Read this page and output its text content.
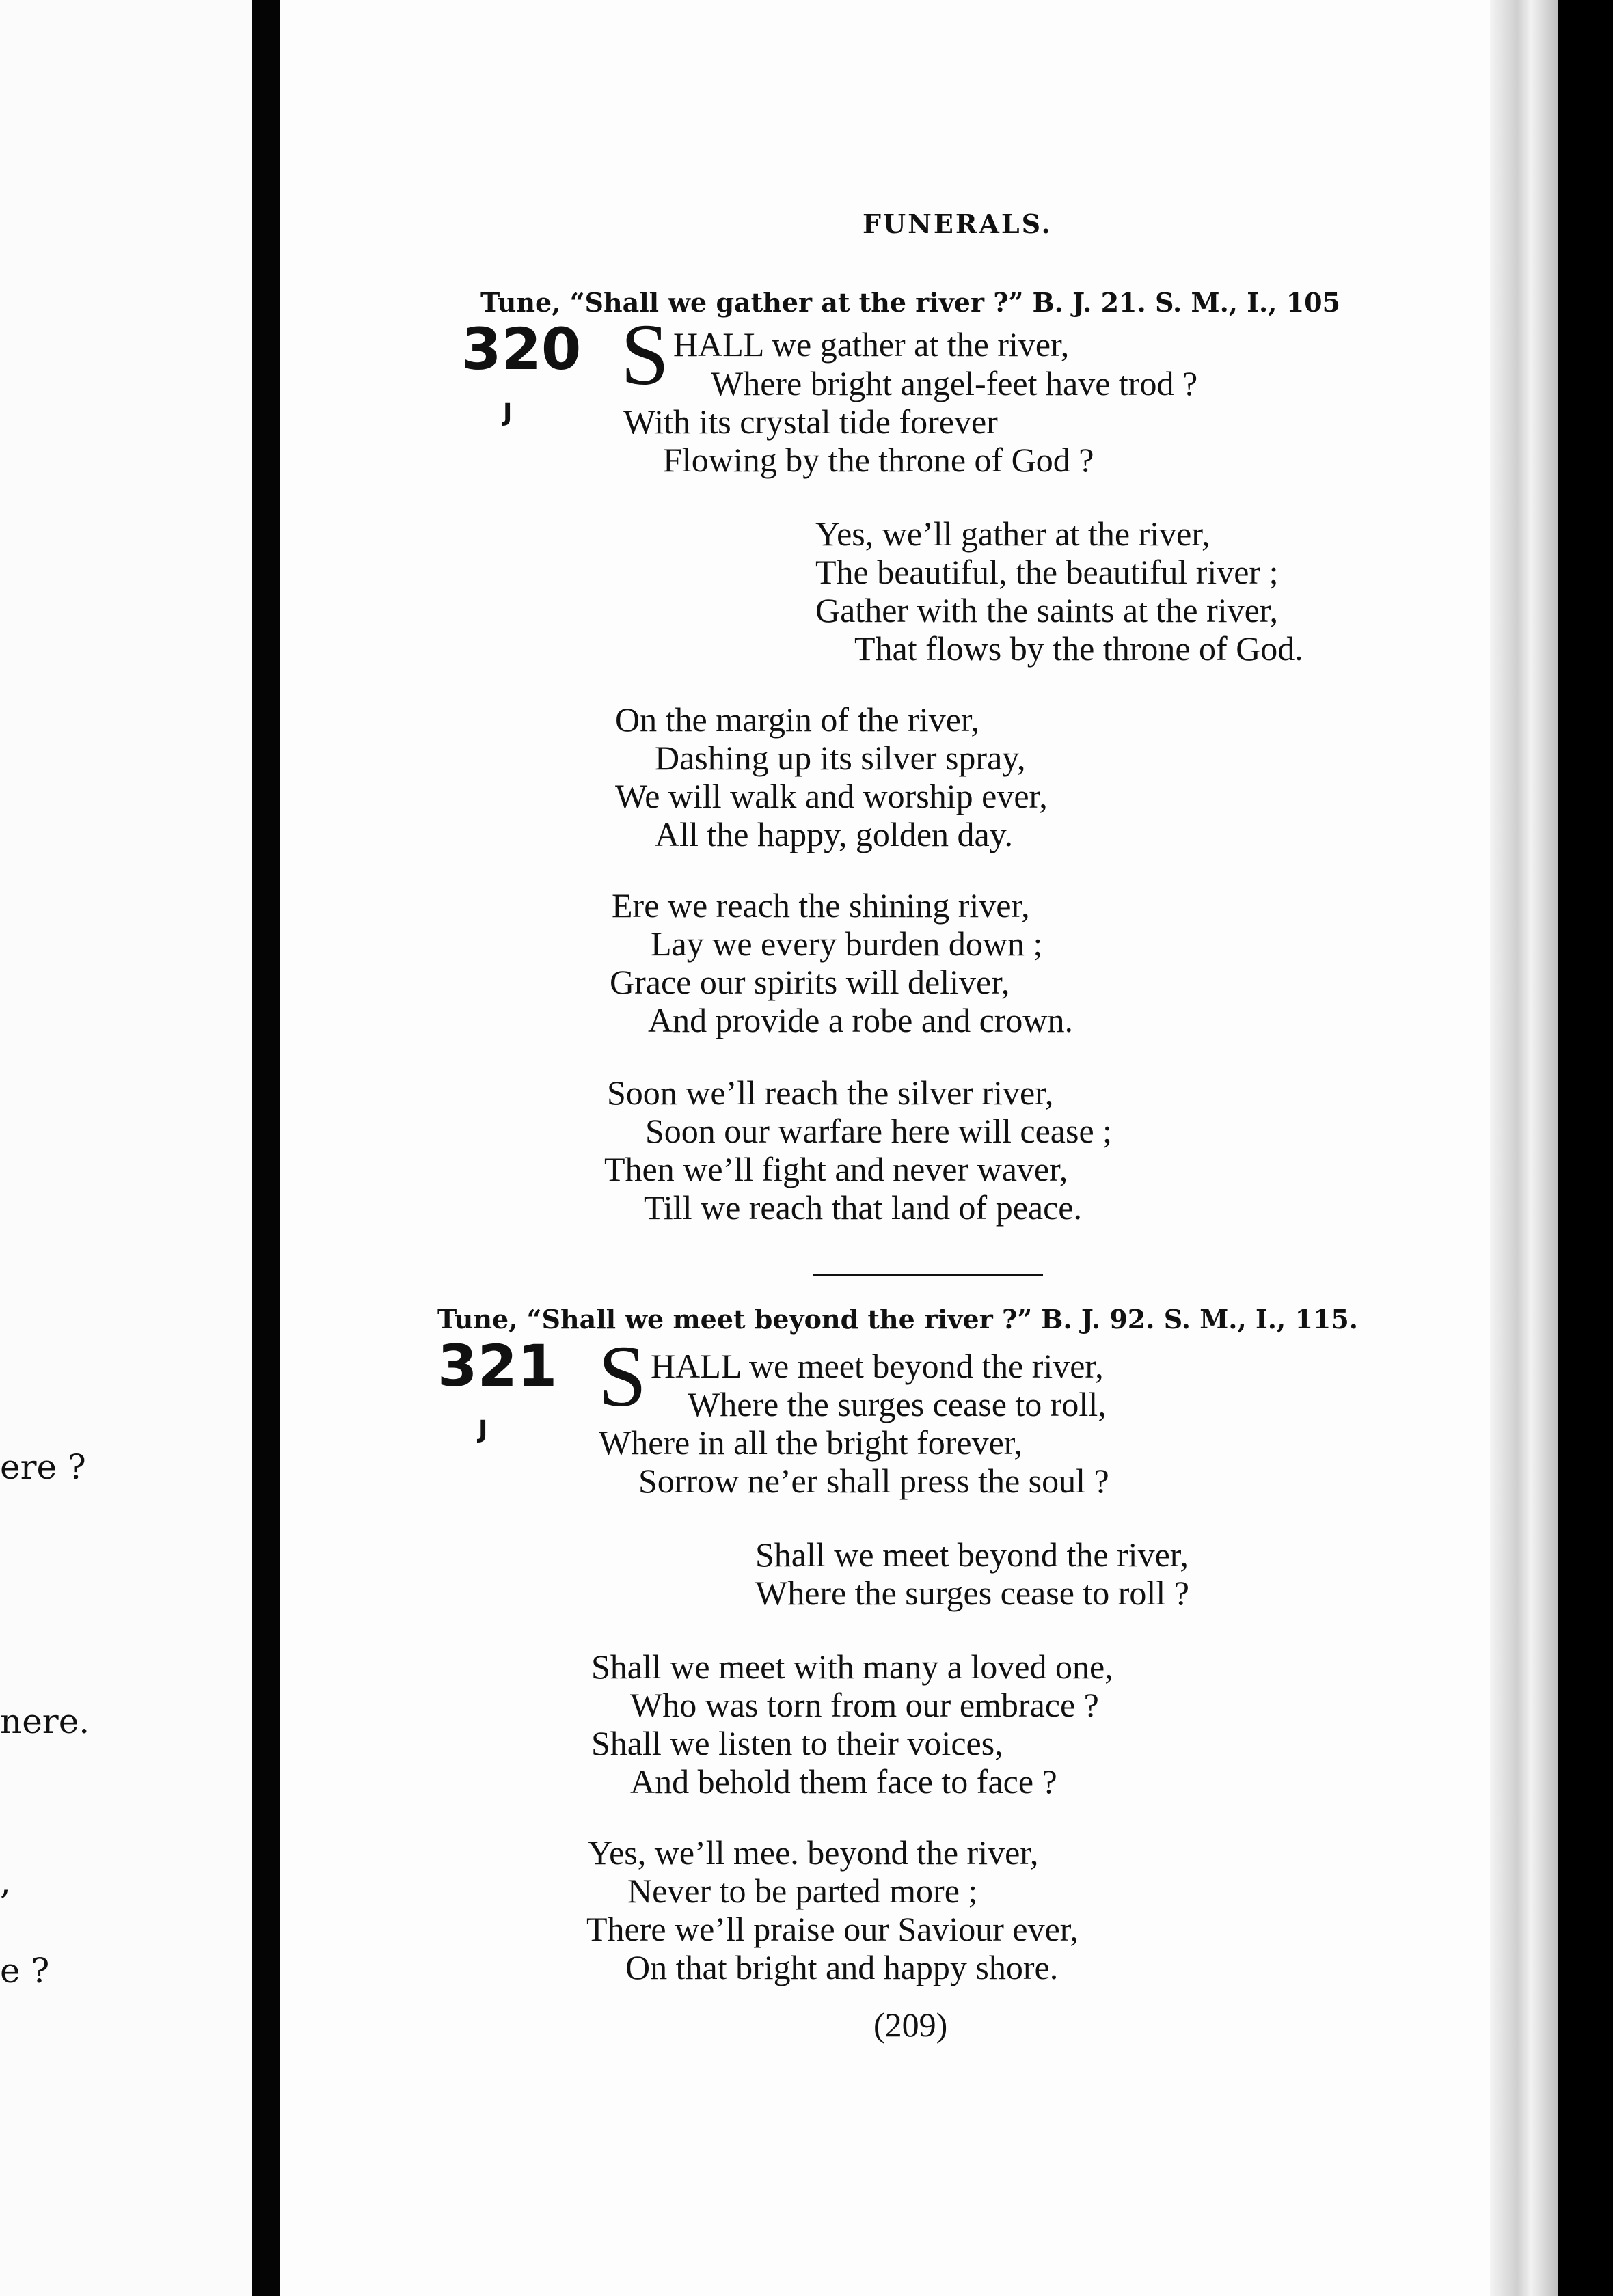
ere ?
nere.
,
e ?
FUNERALS.
Tune, “Shall we gather at the river ?” B. J. 21. S. M., I., 105
320
J
S HALL we gather at the river,
Where bright angel-feet have trod ?
With its crystal tide forever
Flowing by the throne of God ?
Yes, we’ll gather at the river,
The beautiful, the beautiful river ;
Gather with the saints at the river,
That flows by the throne of God.
On the margin of the river,
Dashing up its silver spray,
We will walk and worship ever,
All the happy, golden day.
Ere we reach the shining river,
Lay we every burden down ;
Grace our spirits will deliver,
And provide a robe and crown.
Soon we’ll reach the silver river,
Soon our warfare here will cease ;
Then we’ll fight and never waver,
Till we reach that land of peace.
Tune, “Shall we meet beyond the river ?” B. J. 92. S. M., I., 115.
321
J
S HALL we meet beyond the river,
Where the surges cease to roll,
Where in all the bright forever,
Sorrow ne’er shall press the soul ?
Shall we meet beyond the river,
Where the surges cease to roll ?
Shall we meet with many a loved one,
Who was torn from our embrace ?
Shall we listen to their voices,
And behold them face to face ?
Yes, we’ll mee. beyond the river,
Never to be parted more ;
There we’ll praise our Saviour ever,
On that bright and happy shore.
(209)
